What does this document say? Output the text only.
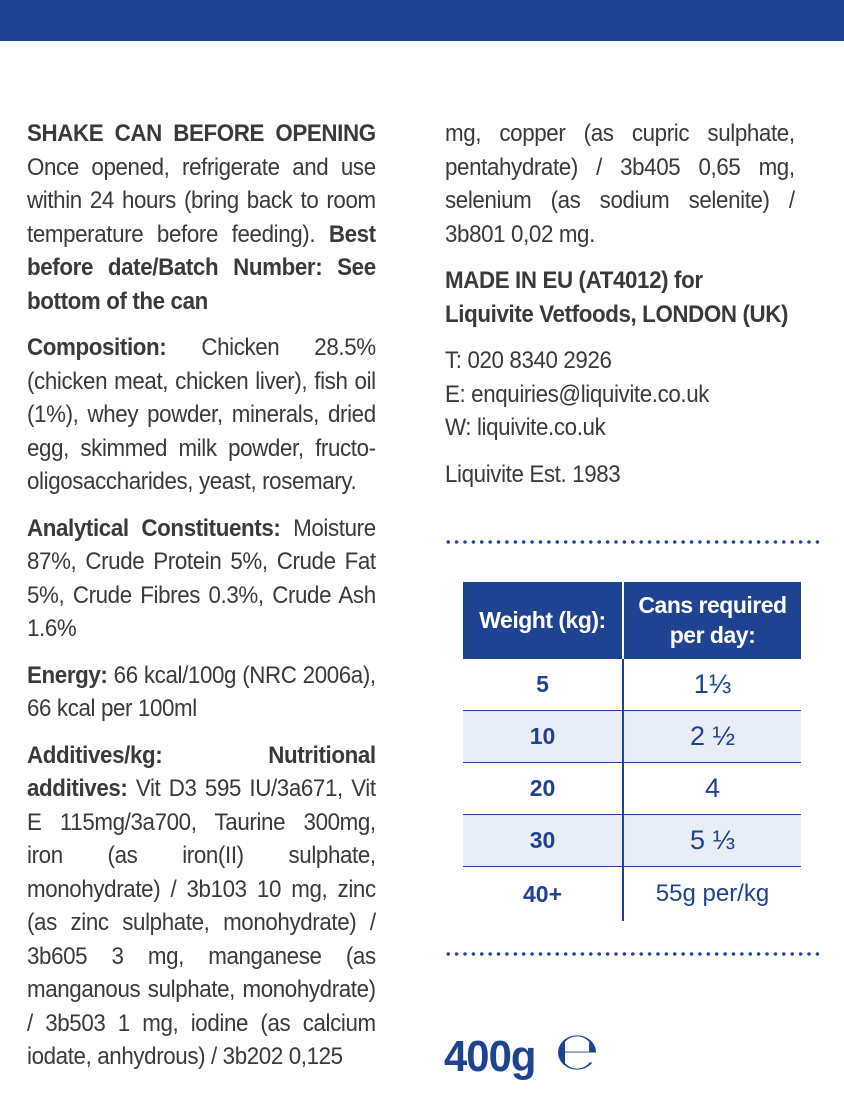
SHAKE CAN BEFORE OPENING Once opened, refrigerate and use within 24 hours (bring back to room temperature before feeding). Best before date/Batch Number: See bottom of the can

Composition: Chicken 28.5% (chicken meat, chicken liver), fish oil (1%), whey powder, minerals, dried egg, skimmed milk powder, fructo-oligosaccharides, yeast, rosemary.

Analytical Constituents: Moisture 87%, Crude Protein 5%, Crude Fat 5%, Crude Fibres 0.3%, Crude Ash 1.6%

Energy: 66 kcal/100g (NRC 2006a), 66 kcal per 100ml

Additives/kg: Nutritional additives: Vit D3 595 IU/3a671, Vit E 115mg/3a700, Taurine 300mg, iron (as iron(II) sulphate, monohydrate) / 3b103 10 mg, zinc (as zinc sulphate, monohydrate) / 3b605 3 mg, manganese (as manganous sulphate, monohydrate) / 3b503 1 mg, iodine (as calcium iodate, anhydrous) / 3b202 0,125

mg, copper (as cupric sulphate, pentahydrate) / 3b405 0,65 mg, selenium (as sodium selenite) / 3b801 0,02 mg.

MADE IN EU (AT4012) for Liquivite Vetfoods, LONDON (UK)

T: 020 8340 2926
E: enquiries@liquivite.co.uk
W: liquivite.co.uk

Liquivite Est. 1983

Weight (kg):	Cans required per day:
5	1⅓
10	2 ½
20	4
30	5 ⅓
40+	55g per/kg
400g ℮
